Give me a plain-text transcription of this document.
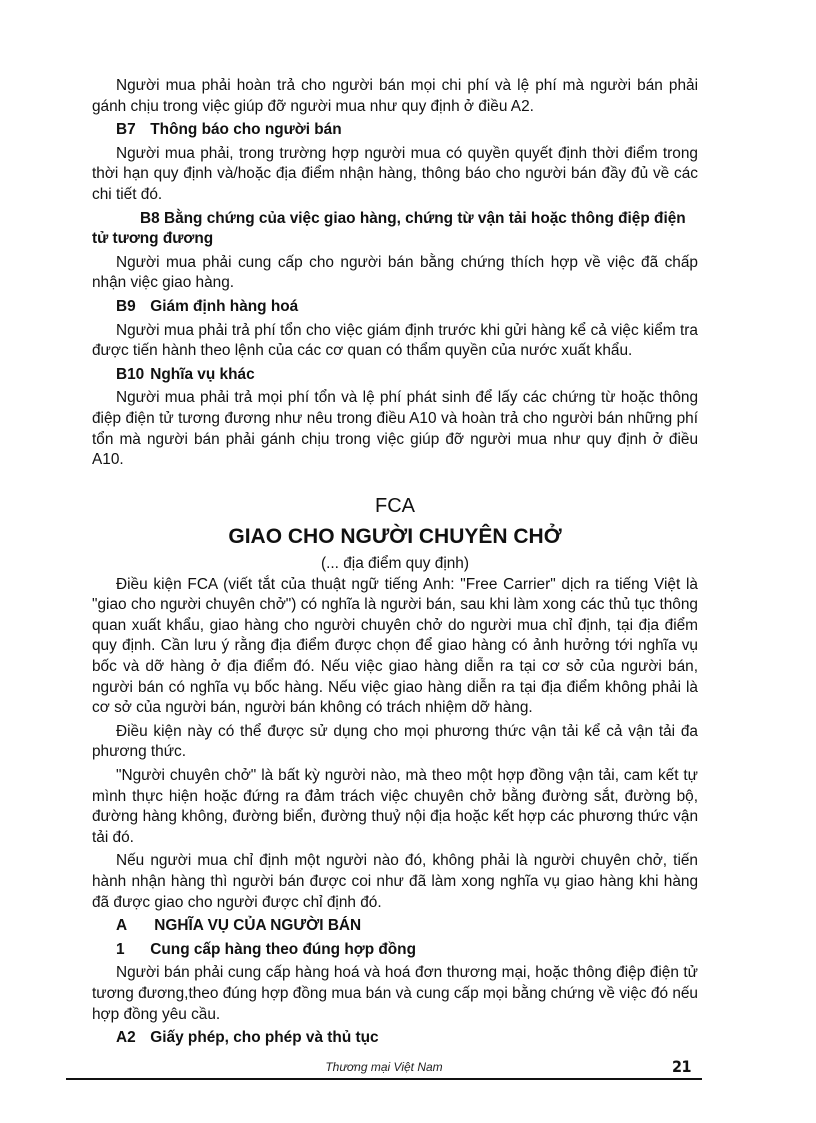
Người mua phải hoàn trả cho người bán mọi chi phí và lệ phí mà người bán phải gánh chịu trong việc giúp đỡ người mua như quy định ở điều A2.

B7 Thông báo cho người bán

Người mua phải, trong trường hợp người mua có quyền quyết định thời điểm trong thời hạn quy định và/hoặc địa điểm nhận hàng, thông báo cho người bán đầy đủ về các chi tiết đó.

B8 Bằng chứng của việc giao hàng, chứng từ vận tải hoặc thông điệp điện tử tương đương

Người mua phải cung cấp cho người bán bằng chứng thích hợp về việc đã chấp nhận việc giao hàng.

B9 Giám định hàng hoá

Người mua phải trả phí tổn cho việc giám định trước khi gửi hàng kể cả việc kiểm tra được tiến hành theo lệnh của các cơ quan có thẩm quyền của nước xuất khẩu.

B10 Nghĩa vụ khác

Người mua phải trả mọi phí tổn và lệ phí phát sinh để lấy các chứng từ hoặc thông điệp điện tử tương đương như nêu trong điều A10 và hoàn trả cho người bán những phí tổn mà người bán phải gánh chịu trong việc giúp đỡ người mua như quy định ở điều A10.

FCA
GIAO CHO NGƯỜI CHUYÊN CHỞ
(... địa điểm quy định)

Điều kiện FCA (viết tắt của thuật ngữ tiếng Anh: "Free Carrier" dịch ra tiếng Việt là "giao cho người chuyên chở") có nghĩa là người bán, sau khi làm xong các thủ tục thông quan xuất khẩu, giao hàng cho người chuyên chở do người mua chỉ định, tại địa điểm quy định. Cần lưu ý rằng địa điểm được chọn để giao hàng có ảnh hưởng tới nghĩa vụ bốc và dỡ hàng ở địa điểm đó. Nếu việc giao hàng diễn ra tại cơ sở của người bán, người bán có nghĩa vụ bốc hàng. Nếu việc giao hàng diễn ra tại địa điểm không phải là cơ sở của người bán, người bán không có trách nhiệm dỡ hàng.

Điều kiện này có thể được sử dụng cho mọi phương thức vận tải kể cả vận tải đa phương thức.

"Người chuyên chở" là bất kỳ người nào, mà theo một hợp đồng vận tải, cam kết tự mình thực hiện hoặc đứng ra đảm trách việc chuyên chở bằng đường sắt, đường bộ, đường hàng không, đường biển, đường thuỷ nội địa hoặc kết hợp các phương thức vận tải đó.

Nếu người mua chỉ định một người nào đó, không phải là người chuyên chở, tiến hành nhận hàng thì người bán được coi như đã làm xong nghĩa vụ giao hàng khi hàng đã được giao cho người được chỉ định đó.

A NGHĨA VỤ CỦA NGƯỜI BÁN
1 Cung cấp hàng theo đúng hợp đồng

Người bán phải cung cấp hàng hoá và hoá đơn thương mại, hoặc thông điệp điện tử tương đương,theo đúng hợp đồng mua bán và cung cấp mọi bằng chứng về việc đó nếu hợp đồng yêu cầu.

A2 Giấy phép, cho phép và thủ tục
Thương mại Việt Nam	21
